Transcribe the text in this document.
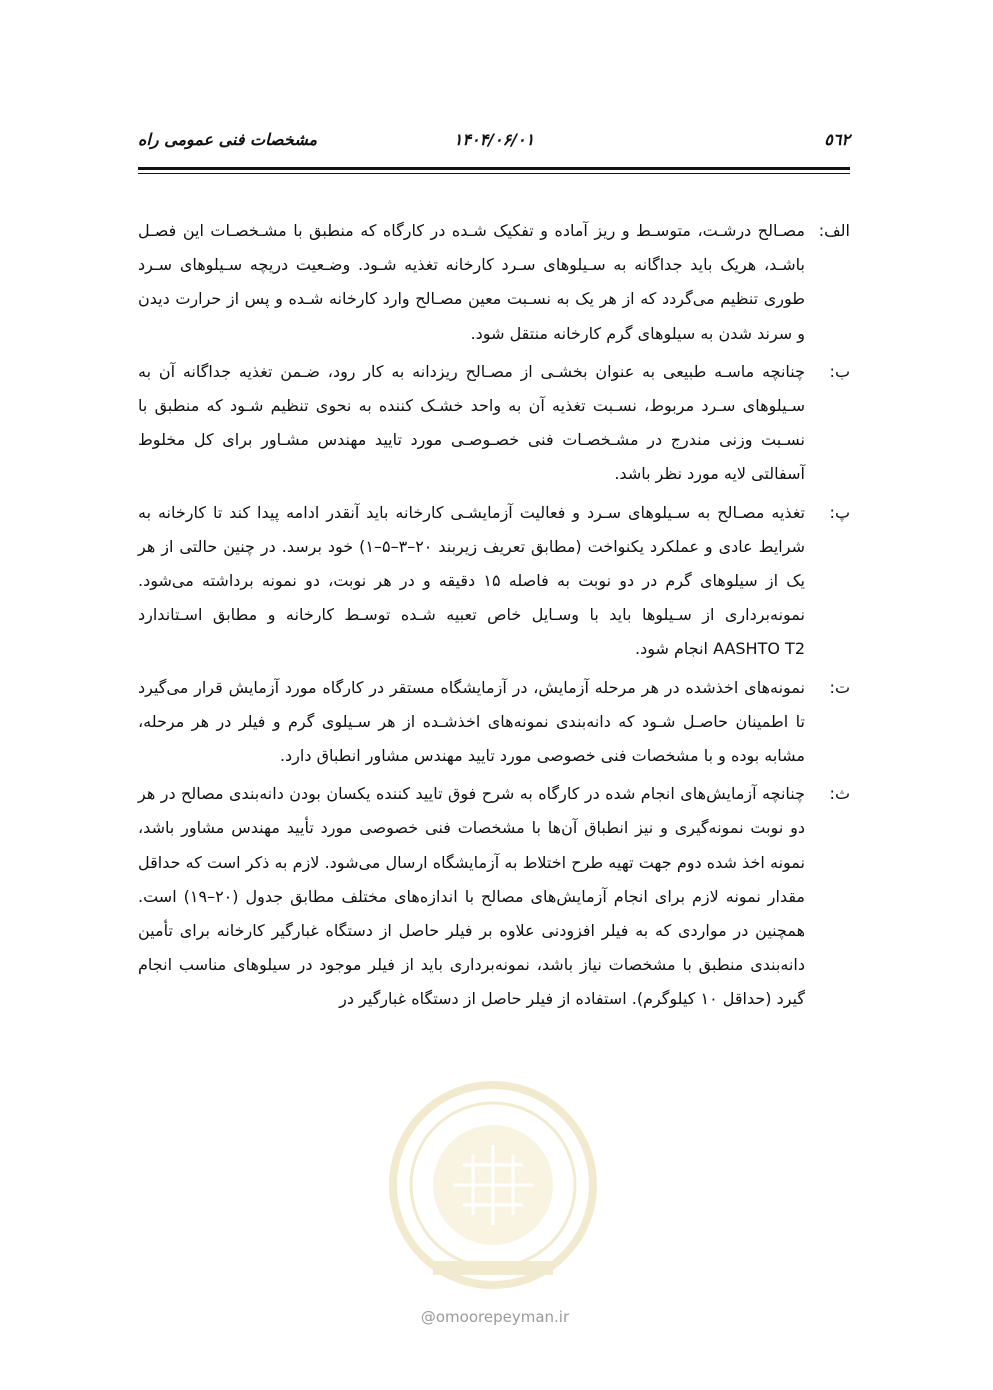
٥٦٢
۱۴۰۴/۰۶/۰۱
مشخصات فنی عمومی راه
الف:
مصـالح درشـت، متوسـط و ریز آماده و تفکیک شـده در کارگاه که منطبق با مشـخصـات این فصـل باشـد، هریک باید جداگانه به سـیلوهای سـرد کارخانه تغذیه شـود. وضـعیت دریچه سـیلوهای سـرد طوری تنظیم می‌گردد که از هر یک به نسـبت معین مصـالح وارد کارخانه شـده و پس از حرارت دیدن و سرند شدن به سیلوهای گرم کارخانه منتقل شود.
ب:
چنانچه ماسـه طبیعی به عنوان بخشـی از مصـالح ریزدانه به کار رود، ضـمن تغذیه جداگانه آن به سـیلوهای سـرد مربوط، نسـبت تغذیه آن به واحد خشـک کننده به نحوی تنظیم شـود که منطبق با نسـبت وزنی مندرج در مشـخصـات فنی خصـوصـی مورد تایید مهندس مشـاور برای کل مخلوط آسفالتی لایه مورد نظر باشد.
پ:
تغذیه مصـالح به سـیلوهای سـرد و فعالیت آزمایشـی کارخانه باید آنقدر ادامه پیدا کند تا کارخانه به شرایط عادی و عملکرد یکنواخت (مطابق تعریف زیربند ۲۰–۳–۵–۱) خود برسد. در چنین حالتی از هر یک از سیلوهای گرم در دو نوبت به فاصله ۱۵ دقیقه و در هر نوبت، دو نمونه برداشته می‌شود. نمونه‌برداری از سـیلوها باید با وسـایل خاص تعبیه شـده توسـط کارخانه و مطابق اسـتاندارد AASHTO T2 انجام شود.
ت:
نمونه‌های اخذشده در هر مرحله آزمایش، در آزمایشگاه مستقر در کارگاه مورد آزمایش قرار می‌گیرد تا اطمینان حاصـل شـود که دانه‌بندی نمونه‌های اخذشـده از هر سـیلوی گرم و فیلر در هر مرحله، مشابه بوده و با مشخصات فنی خصوصی مورد تایید مهندس مشاور انطباق دارد.
ث:
چنانچه آزمایش‌های انجام شده در کارگاه به شرح فوق تایید کننده یکسان بودن دانه‌بندی مصالح در هر دو نوبت نمونه‌گیری و نیز انطباق آن‌ها با مشخصات فنی خصوصی مورد تأیید مهندس مشاور باشد، نمونه اخذ شده دوم جهت تهیه طرح اختلاط به آزمایشگاه ارسال می‌شود. لازم به ذکر است که حداقل مقدار نمونه لازم برای انجام آزمایش‌های مصالح با اندازه‌های مختلف مطابق جدول (۲۰–۱۹) است. همچنین در مواردی که به فیلر افزودنی علاوه بر فیلر حاصل از دستگاه غبارگیر کارخانه برای تأمین دانه‌بندی منطبق با مشخصات نیاز باشد، نمونه‌برداری باید از فیلر موجود در سیلوهای مناسب انجام گیرد (حداقل ۱۰ کیلوگرم). استفاده از فیلر حاصل از دستگاه غبارگیر در
@omoorepeyman.ir
